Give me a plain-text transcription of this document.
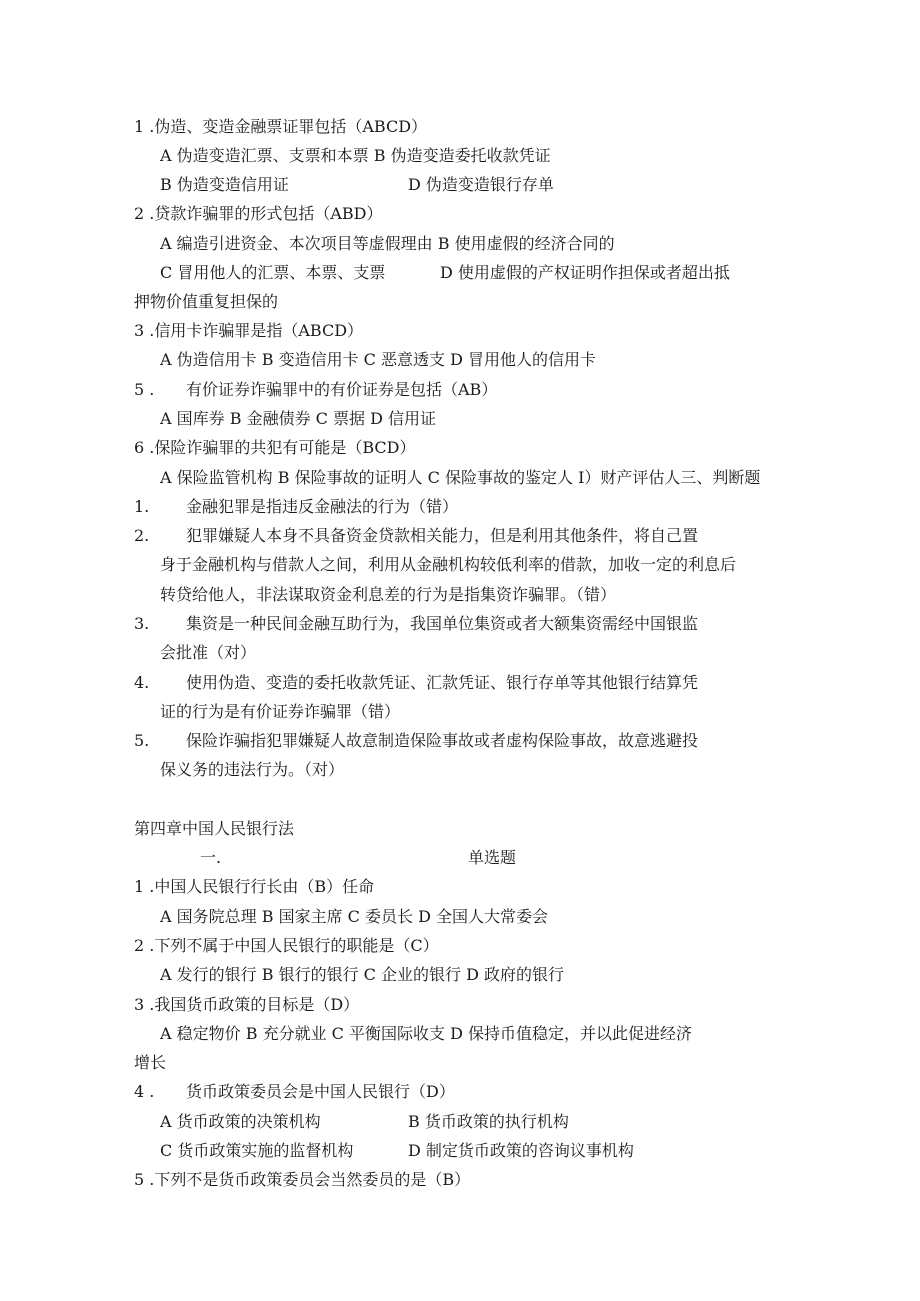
1 .伪造、变造金融票证罪包括（ABCD）
A 伪造变造汇票、支票和本票 B 伪造变造委托收款凭证
B 伪造变造信用证	D 伪造变造银行存单
2 .贷款诈骗罪的形式包括（ABD）
A 编造引进资金、本次项目等虚假理由 B 使用虚假的经济合同的
C 冒用他人的汇票、本票、支票	D 使用虚假的产权证明作担保或者超出抵
押物价值重复担保的
3 .信用卡诈骗罪是指（ABCD）
A 伪造信用卡 B 变造信用卡 C 恶意透支 D 冒用他人的信用卡
5 . 有价证券诈骗罪中的有价证券是包括（AB）
A 国库券 B 金融债券 C 票据 D 信用证
6 .保险诈骗罪的共犯有可能是（BCD）
A 保险监管机构 B 保险事故的证明人 C 保险事故的鉴定人 I）财产评估人三、判断题
1. 金融犯罪是指违反金融法的行为（错）
2. 犯罪嫌疑人本身不具备资金贷款相关能力，但是利用其他条件，将自己置
身于金融机构与借款人之间，利用从金融机构较低利率的借款，加收一定的利息后
转贷给他人，非法谋取资金利息差的行为是指集资诈骗罪。（错）
3. 集资是一种民间金融互助行为，我国单位集资或者大额集资需经中国银监
会批准（对）
4. 使用伪造、变造的委托收款凭证、汇款凭证、银行存单等其他银行结算凭
证的行为是有价证券诈骗罪（错）
5. 保险诈骗指犯罪嫌疑人故意制造保险事故或者虚构保险事故，故意逃避投
保义务的违法行为。（对）
第四章中国人民银行法
一.	单选题
1 .中国人民银行行长由（B）任命
A 国务院总理 B 国家主席 C 委员长 D 全国人大常委会
2 .下列不属于中国人民银行的职能是（C）
A 发行的银行 B 银行的银行 C 企业的银行 D 政府的银行
3 .我国货币政策的目标是（D）
A 稳定物价 B 充分就业 C 平衡国际收支 D 保持币值稳定，并以此促进经济
增长
4 . 货币政策委员会是中国人民银行（D）
A 货币政策的决策机构	B 货币政策的执行机构
C 货币政策实施的监督机构	D 制定货币政策的咨询议事机构
5 .下列不是货币政策委员会当然委员的是（B）
